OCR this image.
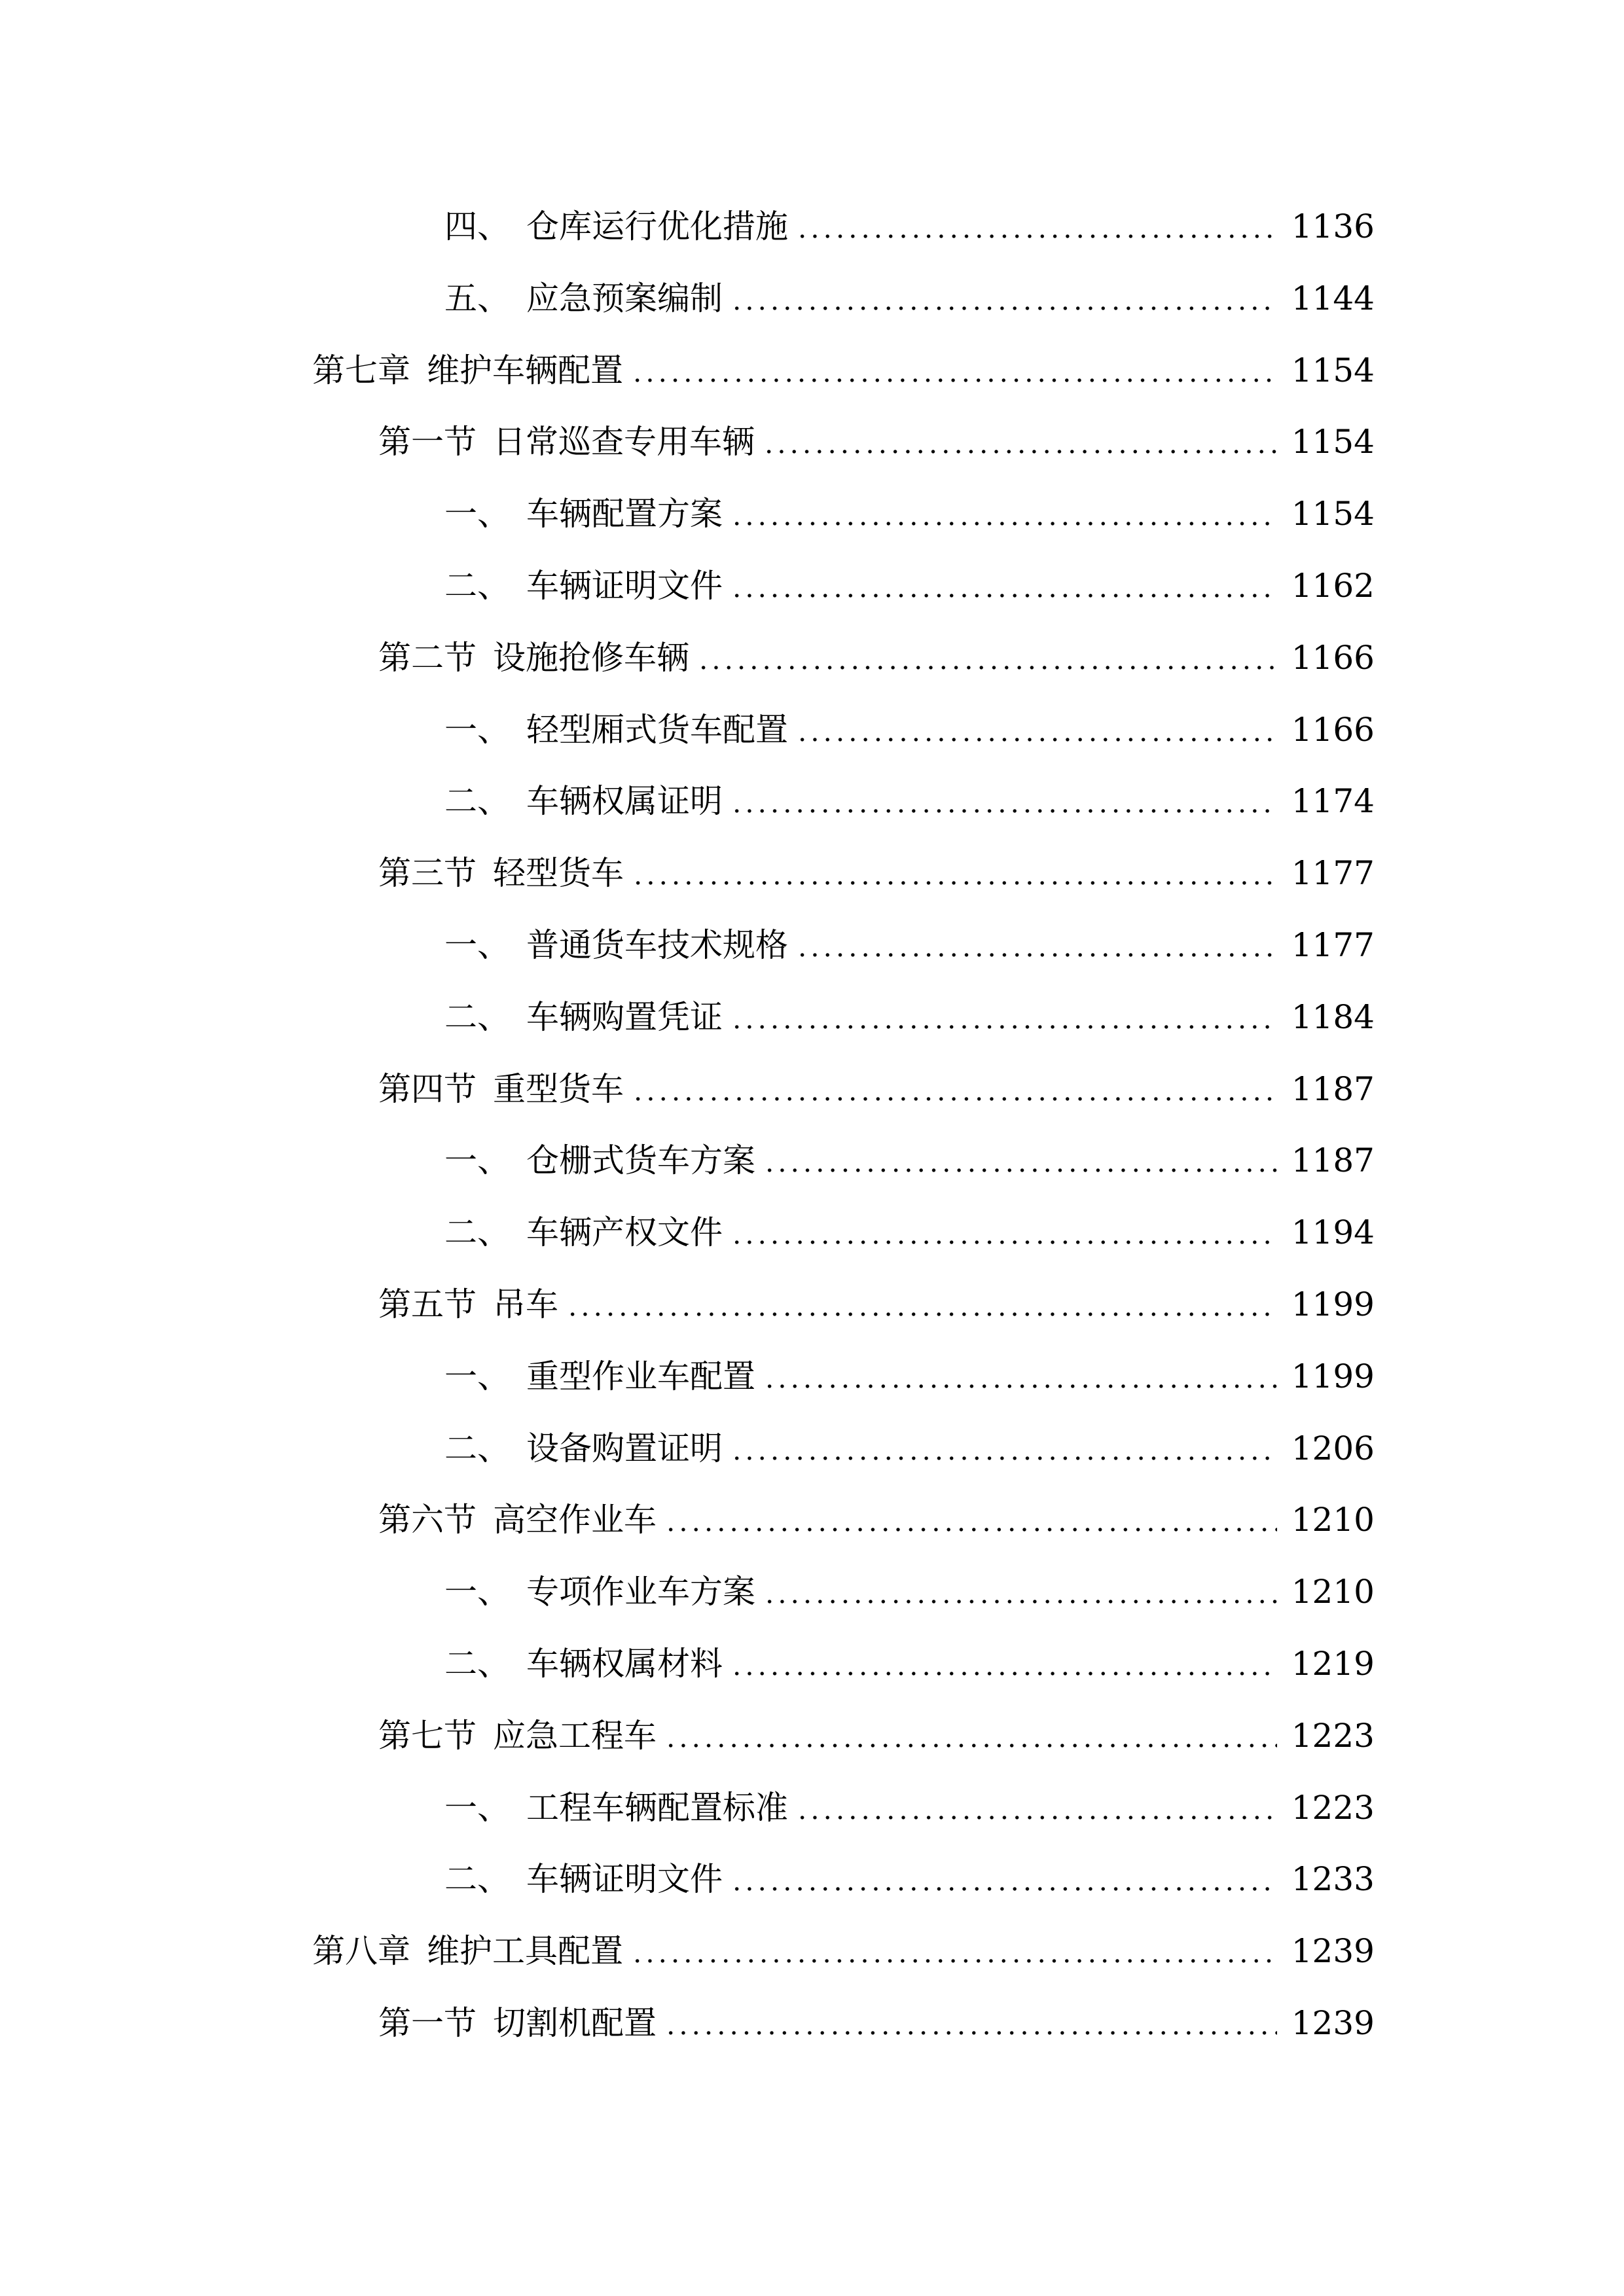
四、 仓库运行优化措施	1136
五、 应急预案编制	1144
第七章 维护车辆配置	1154
第一节 日常巡查专用车辆	1154
一、 车辆配置方案	1154
二、 车辆证明文件	1162
第二节 设施抢修车辆	1166
一、 轻型厢式货车配置	1166
二、 车辆权属证明	1174
第三节 轻型货车	1177
一、 普通货车技术规格	1177
二、 车辆购置凭证	1184
第四节 重型货车	1187
一、 仓栅式货车方案	1187
二、 车辆产权文件	1194
第五节 吊车	1199
一、 重型作业车配置	1199
二、 设备购置证明	1206
第六节 高空作业车	1210
一、 专项作业车方案	1210
二、 车辆权属材料	1219
第七节 应急工程车	1223
一、 工程车辆配置标准	1223
二、 车辆证明文件	1233
第八章 维护工具配置	1239
第一节 切割机配置	1239
